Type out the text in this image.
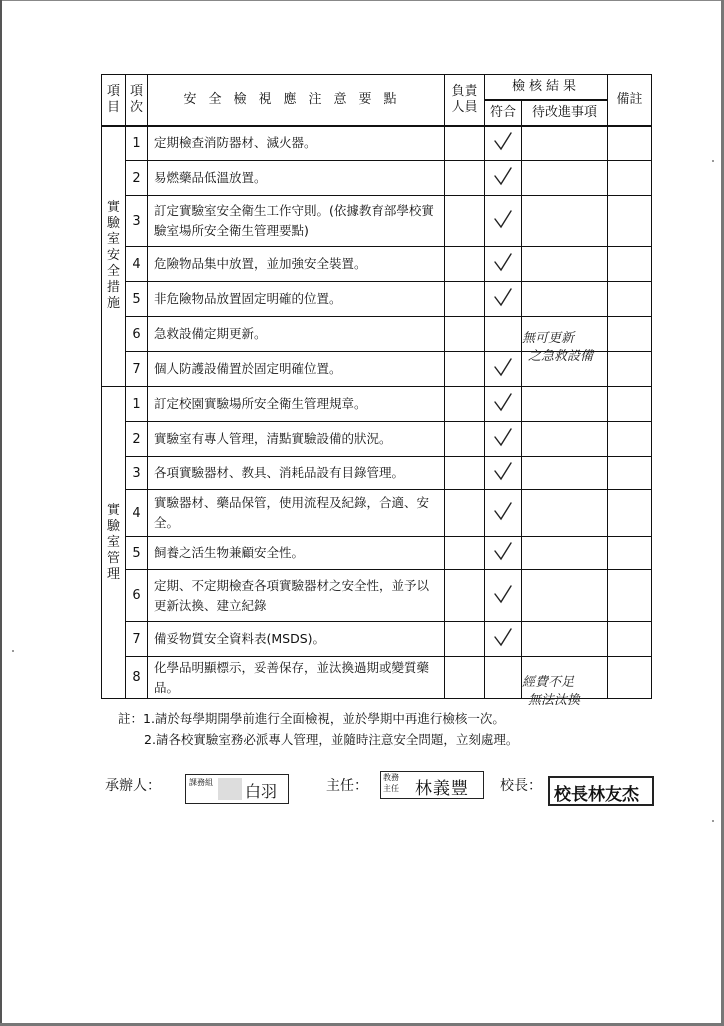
項目	項次	安全檢視應注意要點	負責人員	檢核結果		備註
				符合	待改進事項	

實驗室安全措施	1	定期檢查消防器材、滅火器。			

	2	易燃藥品低溫放置。			

	3	訂定實驗室安全衛生工作守則。(依據教育部學校實驗室場所安全衛生管理要點)			

	4	危險物品集中放置，並加強安全裝置。			

	5	非危險物品放置固定明確的位置。			

	6	急救設備定期更新。			無可更新
之急救設備	

	7	個人防護設備置於固定明確位置。			

實驗室管理	1	訂定校園實驗場所安全衛生管理規章。			

	2	實驗室有專人管理，清點實驗設備的狀況。			

	3	各項實驗器材、教具、消耗品設有目錄管理。			

	4	實驗器材、藥品保管，使用流程及紀錄，合適、安全。			

	5	飼養之活生物兼顧安全性。			

	6	定期、不定期檢查各項實驗器材之安全性，並予以更新汰換、建立紀錄			

	7	備妥物質安全資料表(MSDS)。			

	8	化學品明顯標示，妥善保存，並汰換過期或變質藥品。			經費不足
無法汰換	

註：1.請於每學期開學前進行全面檢視，並於學期中再進行檢核一次。
2.請各校實驗室務必派專人管理，並隨時注意安全問題，立刻處理。
承辦人：	課務組 白羽	主任：
教務主任 林義豐 校長： 校長林友杰
